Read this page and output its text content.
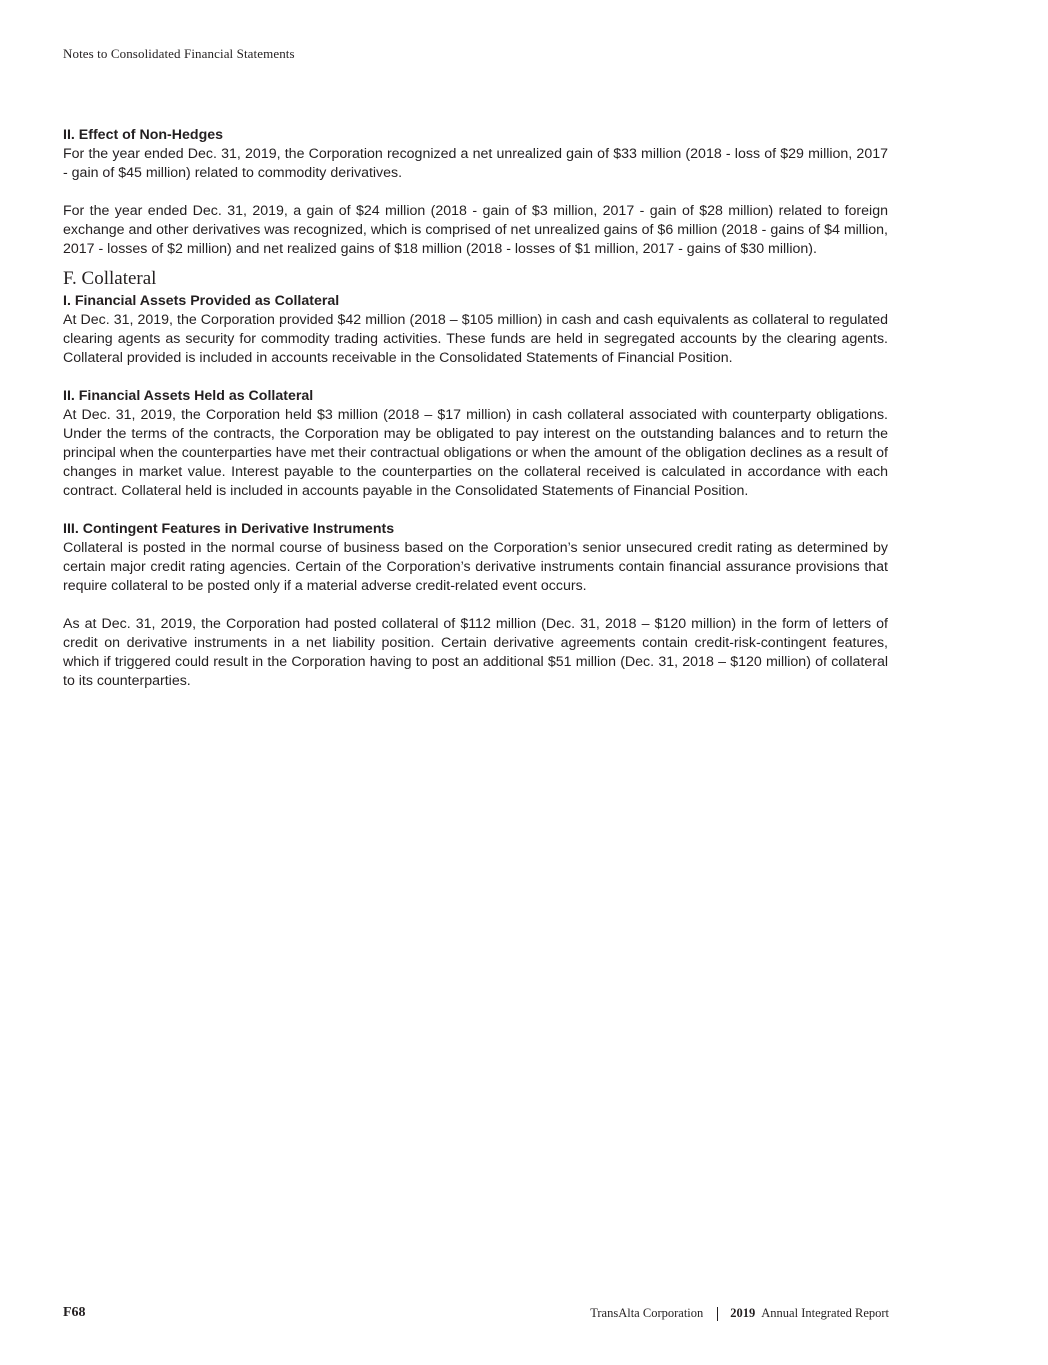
Notes to Consolidated Financial Statements

II. Effect of Non-Hedges

For the year ended Dec. 31, 2019, the Corporation recognized a net unrealized gain of $33 million (2018 - loss of $29 million, 2017 - gain of $45 million) related to commodity derivatives.

For the year ended Dec. 31, 2019, a gain of $24 million (2018 - gain of $3 million, 2017 - gain of $28 million) related to foreign exchange and other derivatives was recognized, which is comprised of net unrealized gains of $6 million (2018 - gains of $4 million, 2017 - losses of $2 million) and net realized gains of $18 million (2018 - losses of $1 million, 2017 - gains of $30 million).

F. Collateral

I. Financial Assets Provided as Collateral

At Dec. 31, 2019, the Corporation provided $42 million (2018 – $105 million) in cash and cash equivalents as collateral to regulated clearing agents as security for commodity trading activities. These funds are held in segregated accounts by the clearing agents. Collateral provided is included in accounts receivable in the Consolidated Statements of Financial Position.

II. Financial Assets Held as Collateral

At Dec. 31, 2019, the Corporation held $3 million (2018 – $17 million) in cash collateral associated with counterparty obligations. Under the terms of the contracts, the Corporation may be obligated to pay interest on the outstanding balances and to return the principal when the counterparties have met their contractual obligations or when the amount of the obligation declines as a result of changes in market value. Interest payable to the counterparties on the collateral received is calculated in accordance with each contract. Collateral held is included in accounts payable in the Consolidated Statements of Financial Position.

III. Contingent Features in Derivative Instruments

Collateral is posted in the normal course of business based on the Corporation’s senior unsecured credit rating as determined by certain major credit rating agencies. Certain of the Corporation’s derivative instruments contain financial assurance provisions that require collateral to be posted only if a material adverse credit-related event occurs.

As at Dec. 31, 2019, the Corporation had posted collateral of $112 million (Dec. 31, 2018 – $120 million) in the form of letters of credit on derivative instruments in a net liability position. Certain derivative agreements contain credit-risk-contingent features, which if triggered could result in the Corporation having to post an additional $51 million (Dec. 31, 2018 – $120 million) of collateral to its counterparties.

F68	TransAlta Corporation 2019 Annual Integrated Report
